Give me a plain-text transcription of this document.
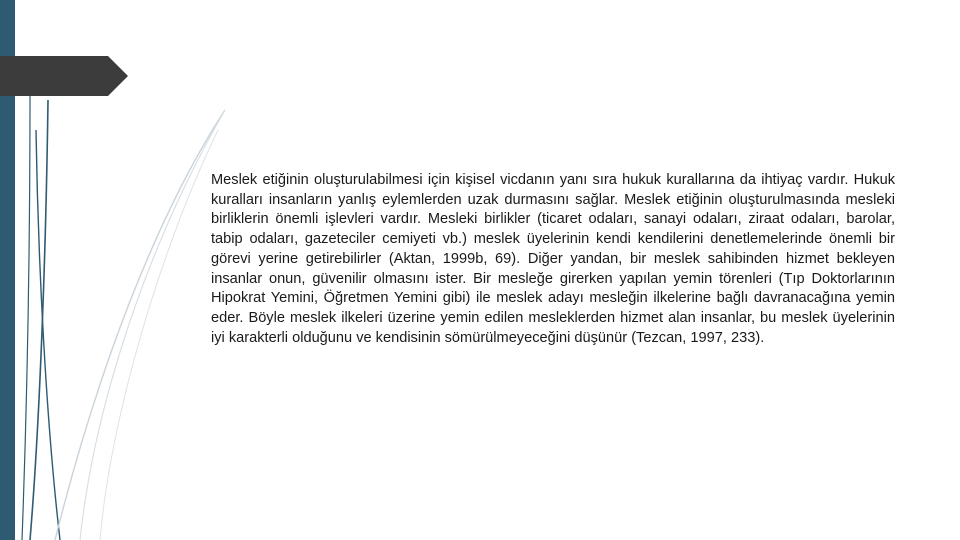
Meslek etiğinin oluşturulabilmesi için kişisel vicdanın yanı sıra hukuk kurallarına da ihtiyaç vardır. Hukuk kuralları insanların yanlış eylemlerden uzak durmasını sağlar. Meslek etiğinin oluşturulmasında mesleki birliklerin önemli işlevleri vardır. Mesleki birlikler (ticaret odaları, sanayi odaları, ziraat odaları, barolar, tabip odaları, gazeteciler cemiyeti vb.) meslek üyelerinin kendi kendilerini denetlemelerinde önemli bir görevi yerine getirebilirler (Aktan, 1999b, 69). Diğer yandan, bir meslek sahibinden hizmet bekleyen insanlar onun, güvenilir olmasını ister. Bir mesleğe girerken yapılan yemin törenleri (Tıp Doktorlarının Hipokrat Yemini, Öğretmen Yemini gibi) ile meslek adayı mesleğin ilkelerine bağlı davranacağına yemin eder. Böyle meslek ilkeleri üzerine yemin edilen mesleklerden hizmet alan insanlar, bu meslek üyelerinin iyi karakterli olduğunu ve kendisinin sömürülmeyeceğini düşünür (Tezcan, 1997, 233).
